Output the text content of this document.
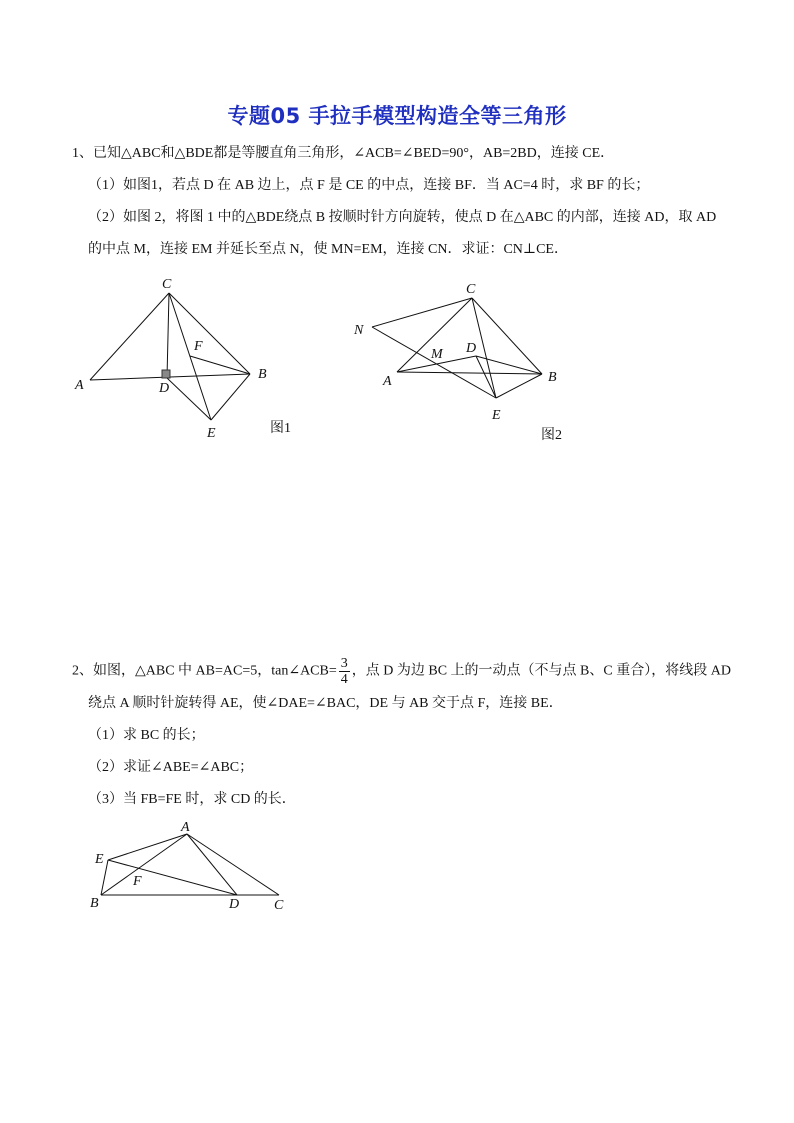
专题05 手拉手模型构造全等三角形
1、已知△ABC和△BDE都是等腰直角三角形，∠ACB=∠BED=90°，AB=2BD，连接 CE．
（1）如图1，若点 D 在 AB 边上，点 F 是 CE 的中点，连接 BF．当 AC=4 时，求 BF 的长；
（2）如图 2，将图 1 中的△BDE绕点 B 按顺时针方向旋转，使点 D 在△ABC 的内部，连接 AD，取 AD
的中点 M，连接 EM 并延长至点 N，使 MN=EM，连接 CN．求证：CN⊥CE．
C
F
A	D
B
E	图1
C
N
M D
A	B
E
图2
2、如图，△ABC 中 AB=AC=5，tan∠ACB= $\frac{3}{4}$ ，点 D 为边 BC 上的一动点（不与点 B、C 重合），将线段 AD
绕点 A 顺时针旋转得 AE，使∠DAE=∠BAC，DE 与 AB 交于点 F，连接 BE．
（1）求 BC 的长；
（2）求证∠ABE=∠ABC；
（3）当 FB=FE 时，求 CD 的长．
A
E
F
B	D C
